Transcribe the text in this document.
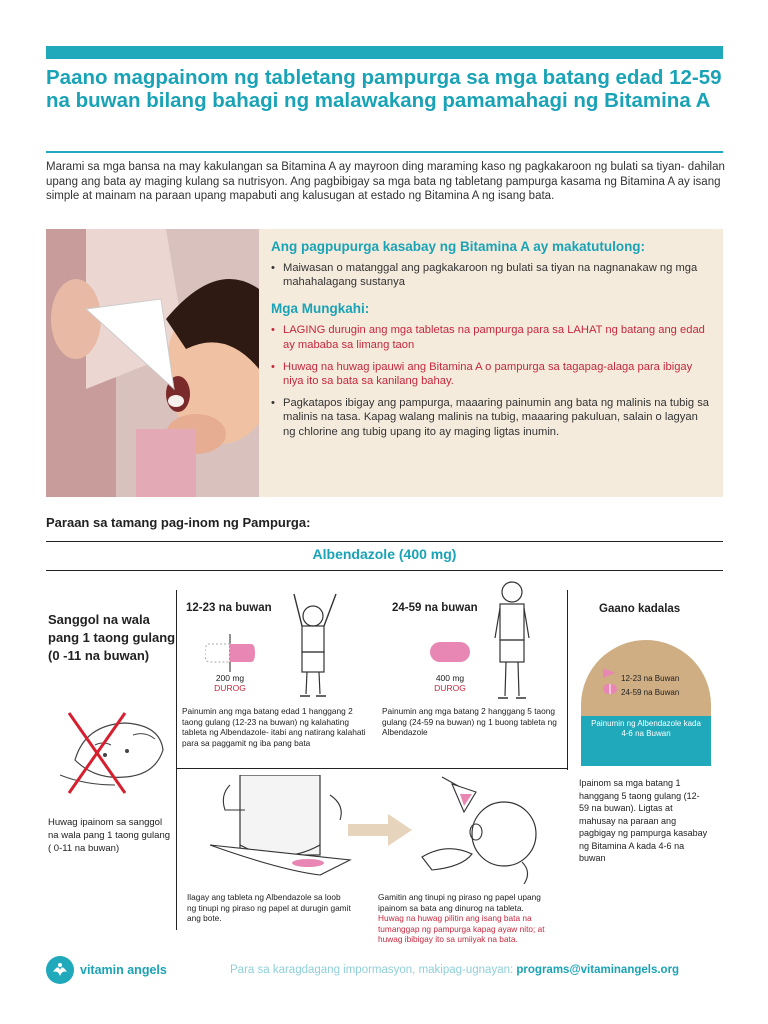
Paano magpainom ng tabletang pampurga sa mga batang edad 12-59 na buwan bilang bahagi ng malawakang pamamahagi ng Bitamina A

Marami sa mga bansa na may kakulangan sa Bitamina A ay mayroon ding maraming kaso ng pagkakaroon ng bulati sa tiyan- dahilan upang ang bata ay maging kulang sa nutrisyon. Ang pagbibigay sa mga bata ng tabletang pampurga kasama ng Bitamina A ay isang simple at mainam na paraan upang mapabuti ang kalusugan at estado ng Bitamina A ng isang bata.

Ang pagpupurga kasabay ng Bitamina A ay makatutulong:
• Maiwasan o matanggal ang pagkakaroon ng bulati sa tiyan na nagnanakaw ng mga mahahalagang sustanya
Mga Mungkahi:
• LAGING durugin ang mga tabletas na pampurga para sa LAHAT ng batang ang edad ay mababa sa limang taon
• Huwag na huwag ipauwi ang Bitamina A o pampurga sa tagapag-alaga para ibigay niya ito sa bata sa kanilang bahay.
• Pagkatapos ibigay ang pampurga, maaaring painumin ang bata ng malinis na tubig sa malinis na tasa. Kapag walang malinis na tubig, maaaring pakuluan, salain o lagyan ng chlorine ang tubig upang ito ay maging ligtas inumin.
Paraan sa tamang pag-inom ng Pampurga:
Albendazole (400 mg)
Sanggol na wala pang 1 taong gulang (0 -11 na buwan)
Huwag ipainom sa sanggol na wala pang 1 taong gulang ( 0-11 na buwan)
12-23 na buwan
200 mg
DUROG
Painumin ang mga batang edad 1 hanggang 2 taong gulang (12-23 na buwan) ng kalahating tableta ng Albendazole- itabi ang natirang kalahati para sa paggamit ng iba pang bata
24-59 na buwan
400 mg
DUROG
Painumin ang mga batang 2 hanggang 5 taong gulang (24-59 na buwan) ng 1 buong tableta ng Albendazole
Gaano kadalas
12-23 na Buwan
24-59 na Buwan
Painumin ng Albendazole kada 4-6 na Buwan
Ipainom sa mga batang 1 hanggang 5 taong gulang (12-59 na buwan). Ligtas at mahusay na paraan ang pagbigay ng pampurga kasabay ng Bitamina A kada 4-6 na buwan
Ilagay ang tableta ng Albendazole sa loob ng tinupi ng piraso ng papel at durugin gamit ang bote.
Gamitin ang tinupi ng piraso ng papel upang ipainom sa bata ang dinurog na tableta. Huwag na huwag pilitin ang isang bata na tumanggap ng pampurga kapag ayaw nito; at huwag ibibigay ito sa umiiyak na bata.
vitamin angels	Para sa karagdagang impormasyon, makipag-ugnayan: programs@vitaminangels.org
